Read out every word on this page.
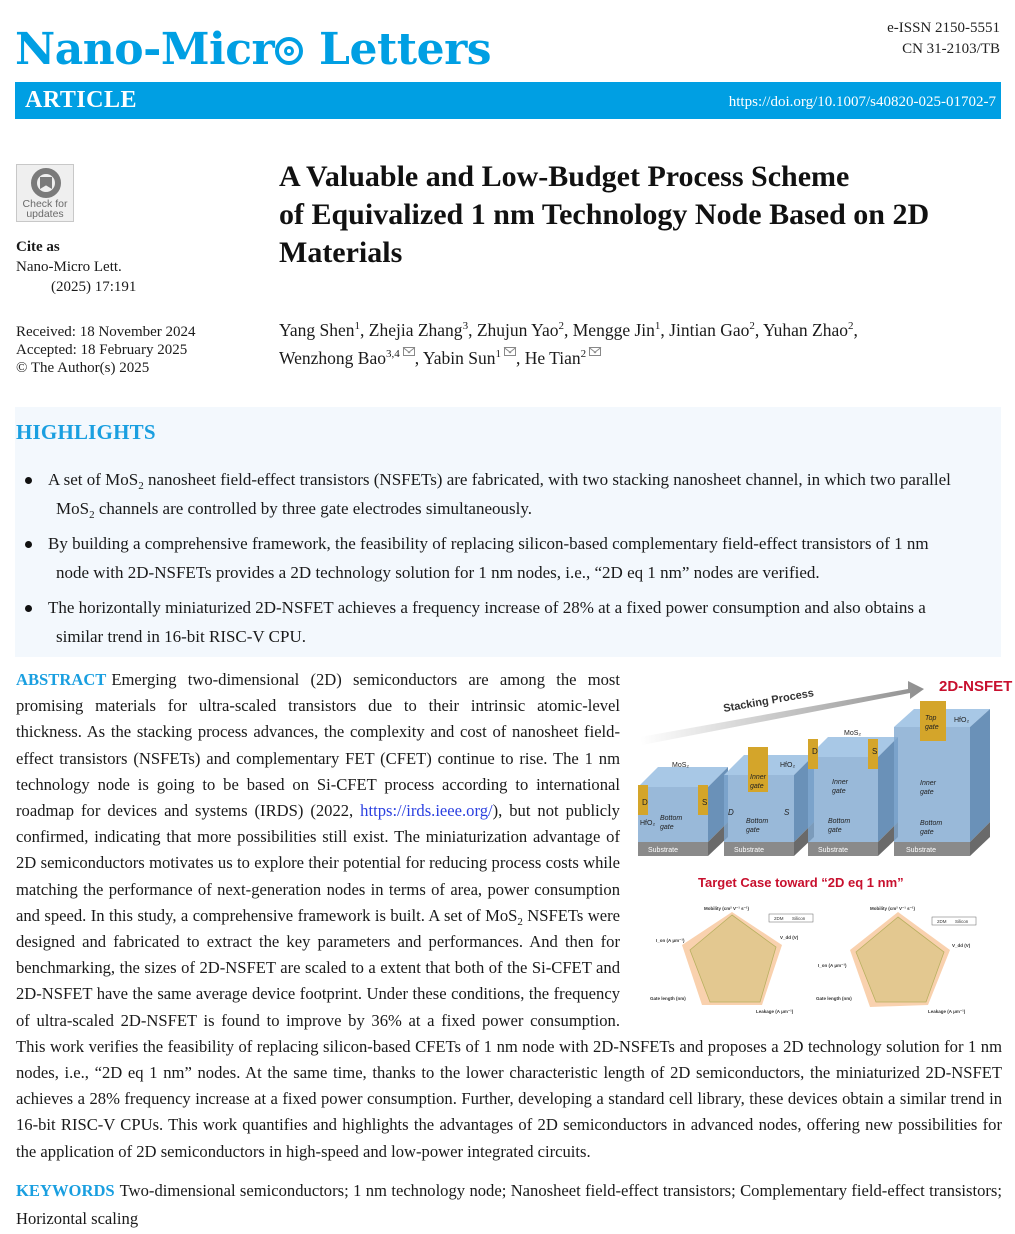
Nano-Micr Letters	e-ISSN 2150-5551
CN 31-2103/TB
ARTICLE	https://doi.org/10.1007/s40820-025-01702-7
Check for
updates
Cite as
Nano-Micro Lett.
(2025) 17:191
Received: 18 November 2024
Accepted: 18 February 2025
© The Author(s) 2025
A Valuable and Low-Budget Process Scheme
of Equivalized 1 nm Technology Node Based on 2D
Materials
Yang Shen$^1$, Zhejia Zhang$^3$, Zhujun Yao$^2$, Mengge Jin$^1$, Jintian Gao$^2$, Yuhan Zhao$^2$,
Wenzhong Bao$^{3,4}$ , Yabin Sun$^1$ , He Tian$^2$
HIGHLIGHTS
A set of MoS$_2$ nanosheet field-effect transistors (NSFETs) are fabricated, with two stacking nanosheet channel, in which two parallel
MoS$_2$ channels are controlled by three gate electrodes simultaneously.
By building a comprehensive framework, the feasibility of replacing silicon-based complementary field-effect transistors of 1 nm
node with 2D-NSFETs provides a 2D technology solution for 1 nm nodes, i.e., “2D eq 1 nm” nodes are verified.
The horizontally miniaturized 2D-NSFET achieves a frequency increase of 28% at a fixed power consumption and also obtains a
similar trend in 16-bit RISC-V CPU.
Stacking Process
2D-NSFET
D	S
MoS₂
HfO₂
Bottom
gate
Substrate
Inner
gate
HfO₂
D	S
Bottom
gate
Substrate
D	S
MoS₂
Inner
gate
Bottom
gate
Substrate
Top
gate
HfO₂
Inner
gate
Bottom
gate
Substrate
Target Case toward “2D eq 1 nm”
Mobility (cm² V⁻¹ s⁻¹)
V_dd (V)
Leakage (A μm⁻¹)
Gate length (nm)
I_on (A μm⁻¹)
2DM Silicon
Mobility (cm² V⁻¹ s⁻¹)
V_dd (V)
Leakage (A μm⁻¹)
Gate length (nm)
I_on (A μm⁻¹)
2DM Silicon
ABSTRACT Emerging two-dimensional (2D) semiconductors are among the most promising materials for ultra-scaled transistors due to their intrinsic atomic-level thickness. As the stacking process advances, the complexity and cost of nanosheet field-effect transistors (NSFETs) and complementary FET (CFET) continue to rise. The 1 nm technology node is going to be based on Si-CFET process according to international roadmap for devices and systems (IRDS) (2022, https://irds.ieee.org/), but not publicly confirmed, indicating that more possibilities still exist. The miniaturization advantage of 2D semiconductors motivates us to explore their potential for reducing process costs while matching the performance of next-generation nodes in terms of area, power consumption and speed. In this study, a comprehensive framework is built. A set of MoS$_2$ NSFETs were designed and fabricated to extract the key parameters and performances. And then for benchmarking, the sizes of 2D-NSFET are scaled to a extent that both of the Si-CFET and 2D-NSFET have the same average device footprint. Under these conditions, the frequency of ultra-scaled 2D-NSFET is found to improve by 36% at a fixed power consumption. This work verifies the feasibility of replacing silicon-based CFETs of 1 nm node with 2D-NSFETs and proposes a 2D technology solution for 1 nm nodes, i.e., “2D eq 1 nm” nodes. At the same time, thanks to the lower characteristic length of 2D semiconductors, the miniaturized 2D-NSFET achieves a 28% frequency increase at a fixed power consumption. Further, developing a standard cell library, these devices obtain a similar trend in 16-bit RISC-V CPUs. This work quantifies and highlights the advantages of 2D semiconductors in advanced nodes, offering new possibilities for the application of 2D semiconductors in high-speed and low-power integrated circuits.
KEYWORDS Two-dimensional semiconductors; 1 nm technology node; Nanosheet field-effect transistors; Complementary field-effect transistors; Horizontal scaling
